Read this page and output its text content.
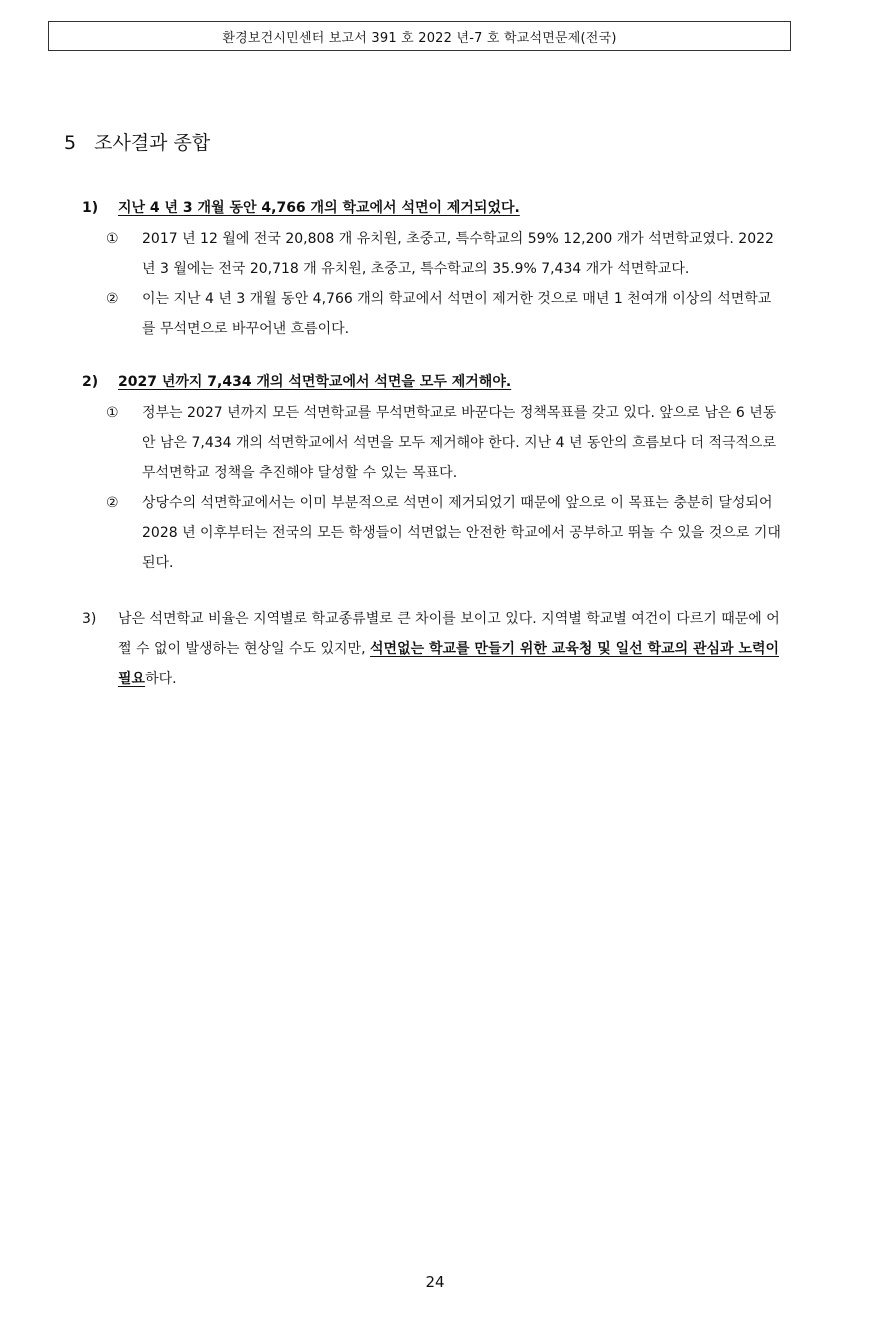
환경보건시민센터 보고서 391 호 2022 년-7 호 학교석면문제(전국)
5 조사결과 종합
1)	지난 4 년 3 개월 동안 4,766 개의 학교에서 석면이 제거되었다.
①	2017 년 12 월에 전국 20,808 개 유치원, 초중고, 특수학교의 59% 12,200 개가 석면학교였다. 2022 년 3 월에는 전국 20,718 개 유치원, 초중고, 특수학교의 35.9% 7,434 개가 석면학교다.
②	이는 지난 4 년 3 개월 동안 4,766 개의 학교에서 석면이 제거한 것으로 매년 1 천여개 이상의 석면학교를 무석면으로 바꾸어낸 흐름이다.
2)	2027 년까지 7,434 개의 석면학교에서 석면을 모두 제거해야.
①	정부는 2027 년까지 모든 석면학교를 무석면학교로 바꾼다는 정책목표를 갖고 있다. 앞으로 남은 6 년동안 남은 7,434 개의 석면학교에서 석면을 모두 제거해야 한다. 지난 4 년 동안의 흐름보다 더 적극적으로 무석면학교 정책을 추진해야 달성할 수 있는 목표다.
②	상당수의 석면학교에서는 이미 부분적으로 석면이 제거되었기 때문에 앞으로 이 목표는 충분히 달성되어 2028 년 이후부터는 전국의 모든 학생들이 석면없는 안전한 학교에서 공부하고 뛰놀 수 있을 것으로 기대된다.
3)	남은 석면학교 비율은 지역별로 학교종류별로 큰 차이를 보이고 있다. 지역별 학교별 여건이 다르기 때문에 어쩔 수 없이 발생하는 현상일 수도 있지만, 석면없는 학교를 만들기 위한 교육청 및 일선 학교의 관심과 노력이 필요하다.
24
